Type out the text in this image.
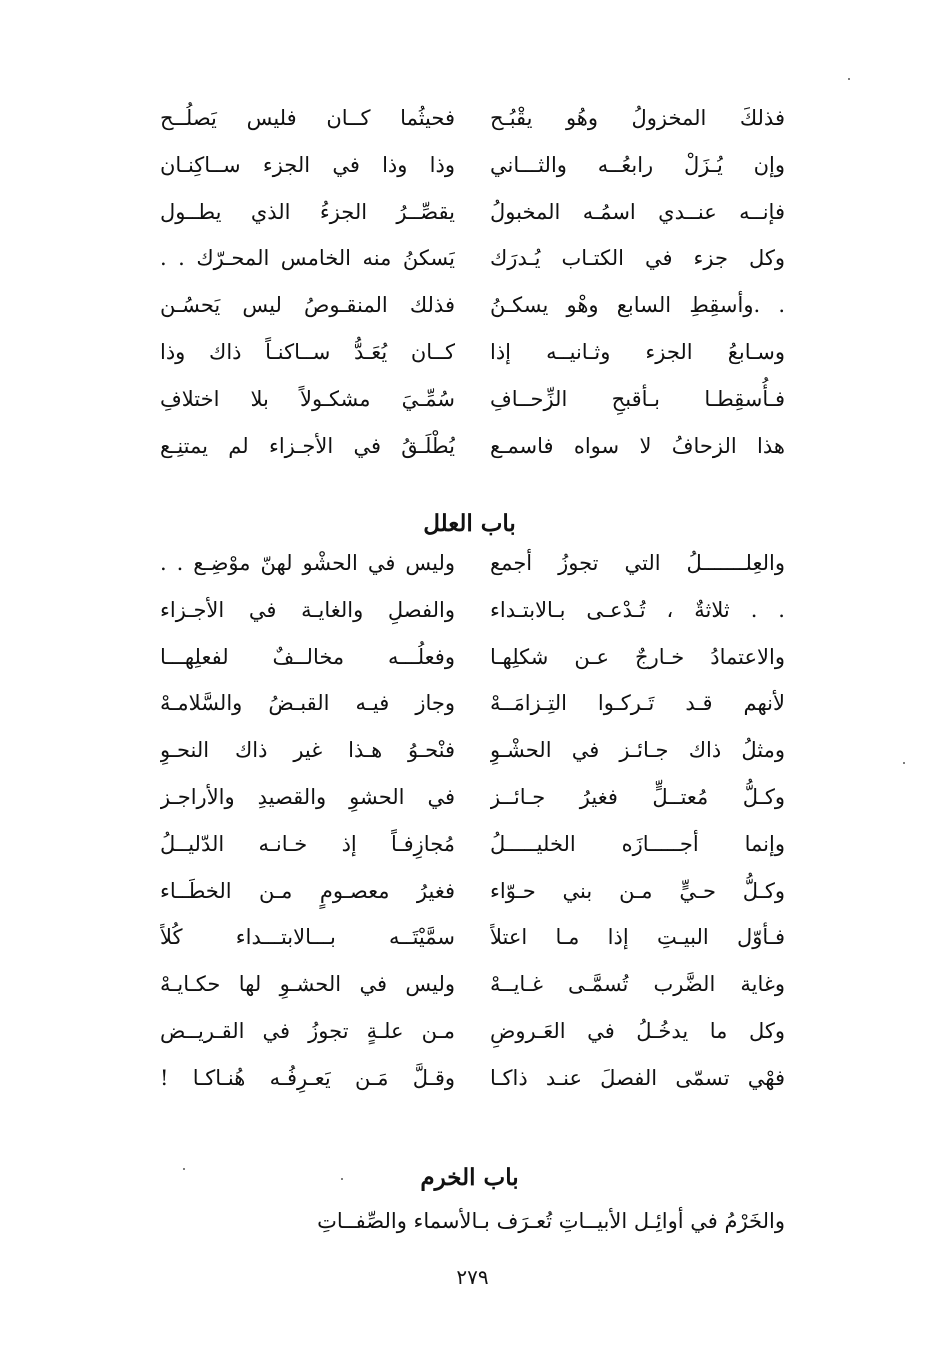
فذلكَ المخزولُ وهُو يقْبُـح
فحيثُما كــان فليس يَصلُــح
وإن يُـزَلْ رابعُــه والثـــاني
وذا وذا في الجزء ســاكِنـان
فإنــه عنــدي اسمُـه المخبولُ
يقصِّــرُ الجزءُ الذي يطــول
وكل جزء في الكتـاب يُـدرَك
يَسكنُ منه الخامس المحـرّك . .
. .وأسقِطِ السابع وهْو يسكـنُ
فذلك المنقـوصُ ليس يَحسُـن
وسـابعُ الجزء وثـانيــه إذا
كــان يُعَـدُّ ســاكنـاً ذاك وذا
فـأُسقِطـا بـأقبحِ الزِّحــافِ
سُمِّـيَ مشكـولاً بلا اختلافِ
هذا الزحافُ لا سواه فاسمـع
يُطْلَـقُ في الأجـزاء لم يمتنِـع
باب العلل
والعِلـــــــلُ التي تجوزُ أجمع
وليس في الحشْو لهنّ موْضِـع . .
. . ثلاثةٌ ، تُـدْعـى بـالابتـداء
والفصلِ والغايـة في الأجـزاء
والاعتمادُ خـارجٌ عـن شكلِهـا
وفعلُـــه مخالــفٌ لفعلِهـــا
لأنهم قـد تَـركـوا التِـزامَــهْ
وجاز فيـه القبـضُ والسَّلامـهْ
ومثلُ ذاك جـائـز في الحشْـوِ
فنْحـوُ هـذا غير ذاك النحـوِ
وكـلُّ مُعتــلٍّ فغيرُ جـائــز
في الحشوِ والقصيدِ والأراجـز
وإنما أجـــــازَه الخليـــــلُ
مُجازِفـاً إذ خـانـه الدّليــلُ
وكـلُّ حـيٍّ مـن بني حـوّاء
فغيرُ معصـومٍ مـن الخطَــاء
فـأوّل البيـتِ إذا مـا اعتلاً
سمَّيْتَــه بـــالابتـــداء كُلاً
وغاية الضَّرب تُسمَّـى غـايــهْ
وليس في الحشـوِ لها حكـايـهْ
وكل ما يدخُـلُ في العَـروضِ
مـن علـةٍ تجوزُ في القـريــض
فهْي تسمّى الفصلَ عنـد ذاكـا
وقـلَّ مَـن يَعـرِفُـه هُنـاكـا !
باب الخرم
والخَرْمُ في أوائِـل الأبيــاتِ تُعـرَف بـالأسماء والصِّفــاتِ
٢٧٩
